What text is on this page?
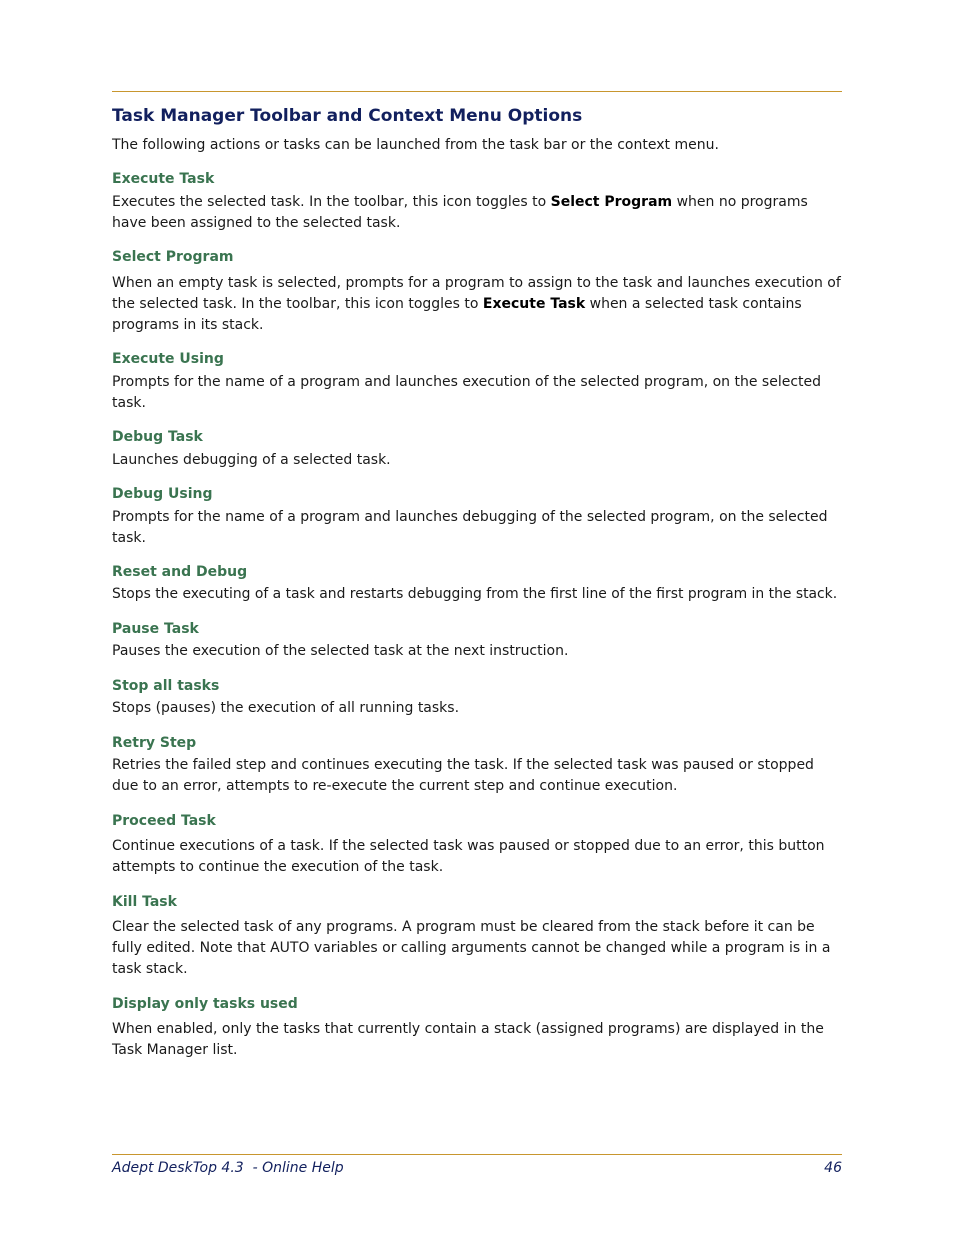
Task Manager Toolbar and Context Menu Options

The following actions or tasks can be launched from the task bar or the context menu.

Execute Task

Executes the selected task. In the toolbar, this icon toggles to Select Program when no programs have been assigned to the selected task.

Select Program

When an empty task is selected, prompts for a program to assign to the task and launches execution of the selected task. In the toolbar, this icon toggles to Execute Task when a selected task contains programs in its stack.

Execute Using

Prompts for the name of a program and launches execution of the selected program, on the selected task.

Debug Task

Launches debugging of a selected task.

Debug Using

Prompts for the name of a program and launches debugging of the selected program, on the selected task.

Reset and Debug

Stops the executing of a task and restarts debugging from the first line of the first program in the stack.

Pause Task

Pauses the execution of the selected task at the next instruction.

Stop all tasks

Stops (pauses) the execution of all running tasks.

Retry Step

Retries the failed step and continues executing the task. If the selected task was paused or stopped due to an error, attempts to re-execute the current step and continue execution.

Proceed Task

Continue executions of a task. If the selected task was paused or stopped due to an error, this button attempts to continue the execution of the task.

Kill Task

Clear the selected task of any programs. A program must be cleared from the stack before it can be fully edited. Note that AUTO variables or calling arguments cannot be changed while a program is in a task stack.

Display only tasks used

When enabled, only the tasks that currently contain a stack (assigned programs) are displayed in the Task Manager list.

Adept DeskTop 4.3  - Online Help	46
